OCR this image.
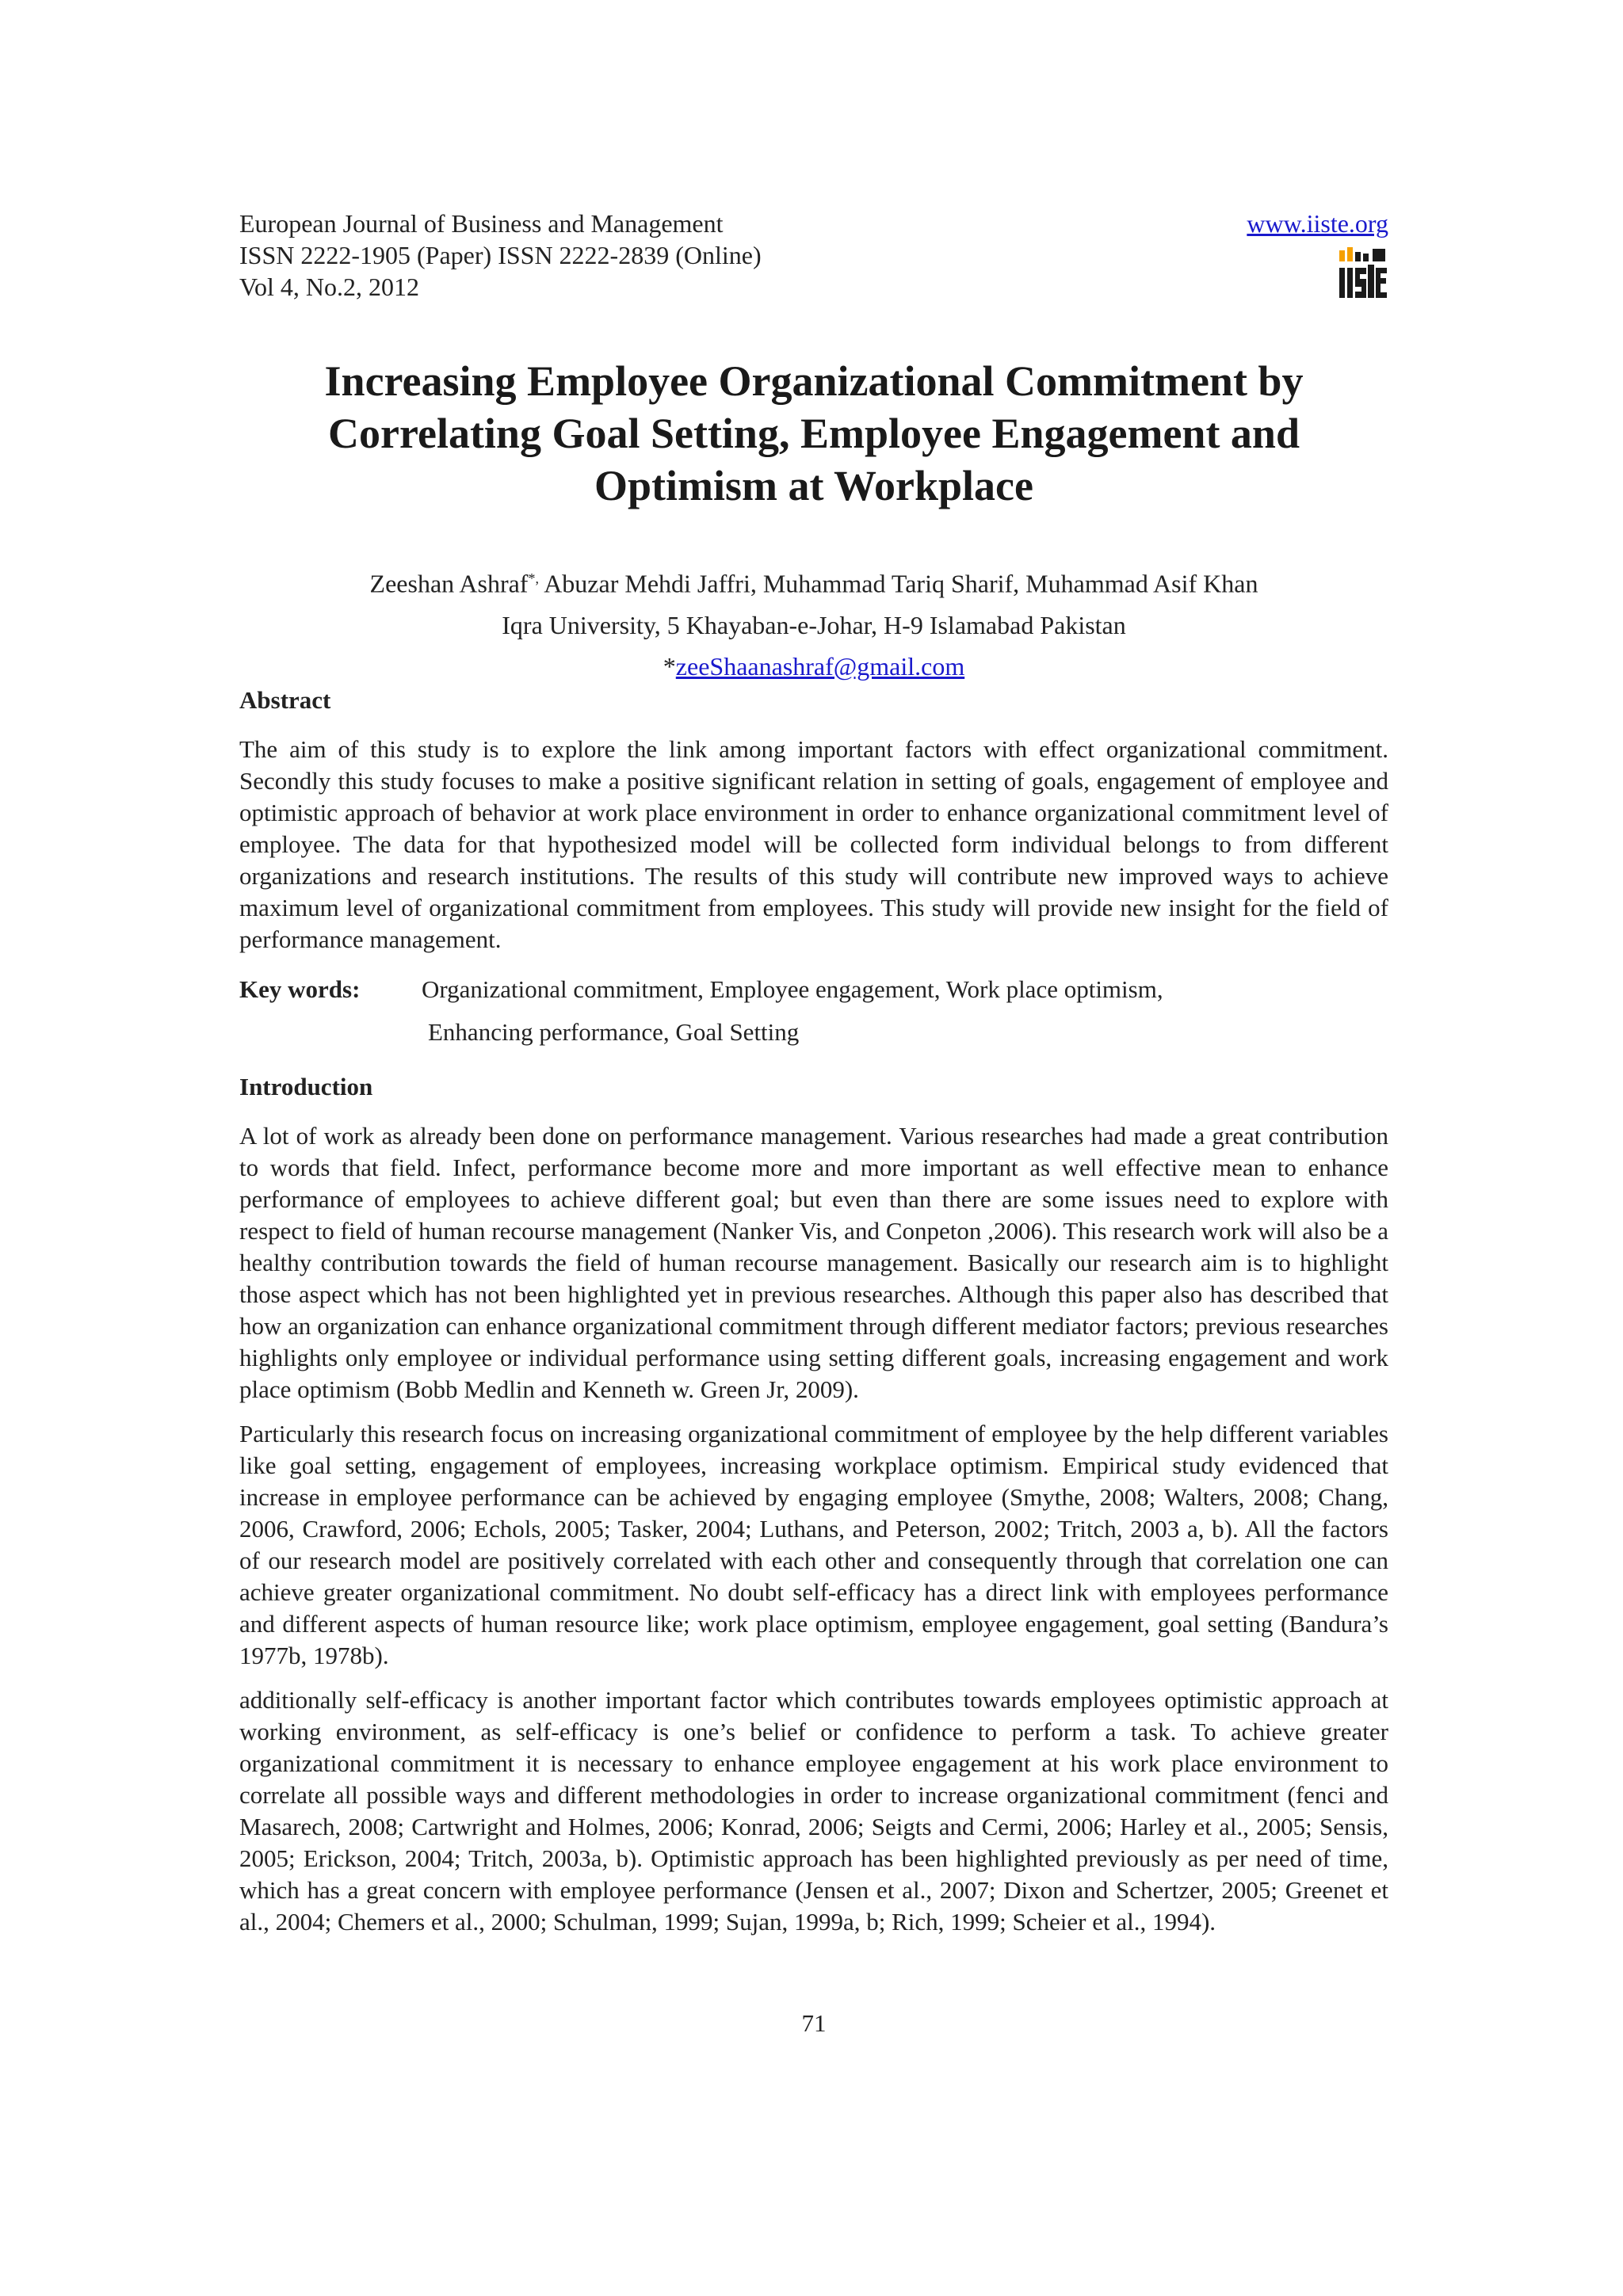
European Journal of Business and Management
ISSN 2222-1905 (Paper) ISSN 2222-2839 (Online)
Vol 4, No.2, 2012
www.iiste.org
Increasing Employee Organizational Commitment by
Correlating Goal Setting, Employee Engagement and
Optimism at Workplace
Zeeshan Ashraf*, Abuzar Mehdi Jaffri, Muhammad Tariq Sharif, Muhammad Asif Khan
Iqra University, 5 Khayaban-e-Johar, H-9 Islamabad Pakistan
*zeeShaanashraf@gmail.com
Abstract
The aim of this study is to explore the link among important factors with effect organizational commitment. Secondly this study focuses to make a positive significant relation in setting of goals, engagement of employee and optimistic approach of behavior at work place environment in order to enhance organizational commitment level of employee. The data for that hypothesized model will be collected form individual belongs to from different organizations and research institutions. The results of this study will contribute new improved ways to achieve maximum level of organizational commitment from employees. This study will provide new insight for the field of performance management.
Key words:	Organizational commitment, Employee engagement, Work place optimism,
Enhancing performance, Goal Setting
Introduction
A lot of work as already been done on performance management. Various researches had made a great contribution to words that field. Infect, performance become more and more important as well effective mean to enhance performance of employees to achieve different goal; but even than there are some issues need to explore with respect to field of human recourse management (Nanker Vis, and Conpeton ,2006). This research work will also be a healthy contribution towards the field of human recourse management. Basically our research aim is to highlight those aspect which has not been highlighted yet in previous researches. Although this paper also has described that how an organization can enhance organizational commitment through different mediator factors; previous researches highlights only employee or individual performance using setting different goals, increasing engagement and work place optimism (Bobb Medlin and Kenneth w. Green Jr, 2009).
Particularly this research focus on increasing organizational commitment of employee by the help different variables like goal setting, engagement of employees, increasing workplace optimism. Empirical study evidenced that increase in employee performance can be achieved by engaging employee (Smythe, 2008; Walters, 2008; Chang, 2006, Crawford, 2006; Echols, 2005; Tasker, 2004; Luthans, and Peterson, 2002; Tritch, 2003 a, b). All the factors of our research model are positively correlated with each other and consequently through that correlation one can achieve greater organizational commitment. No doubt self-efficacy has a direct link with employees performance and different aspects of human resource like; work place optimism, employee engagement, goal setting (Bandura’s 1977b, 1978b).
additionally self-efficacy is another important factor which contributes towards employees optimistic approach at working environment, as self-efficacy is one’s belief or confidence to perform a task. To achieve greater organizational commitment it is necessary to enhance employee engagement at his work place environment to correlate all possible ways and different methodologies in order to increase organizational commitment (fenci and Masarech, 2008; Cartwright and Holmes, 2006; Konrad, 2006; Seigts and Cermi, 2006; Harley et al., 2005; Sensis, 2005; Erickson, 2004; Tritch, 2003a, b). Optimistic approach has been highlighted previously as per need of time, which has a great concern with employee performance (Jensen et al., 2007; Dixon and Schertzer, 2005; Greenet et al., 2004; Chemers et al., 2000; Schulman, 1999; Sujan, 1999a, b; Rich, 1999; Scheier et al., 1994).
71
